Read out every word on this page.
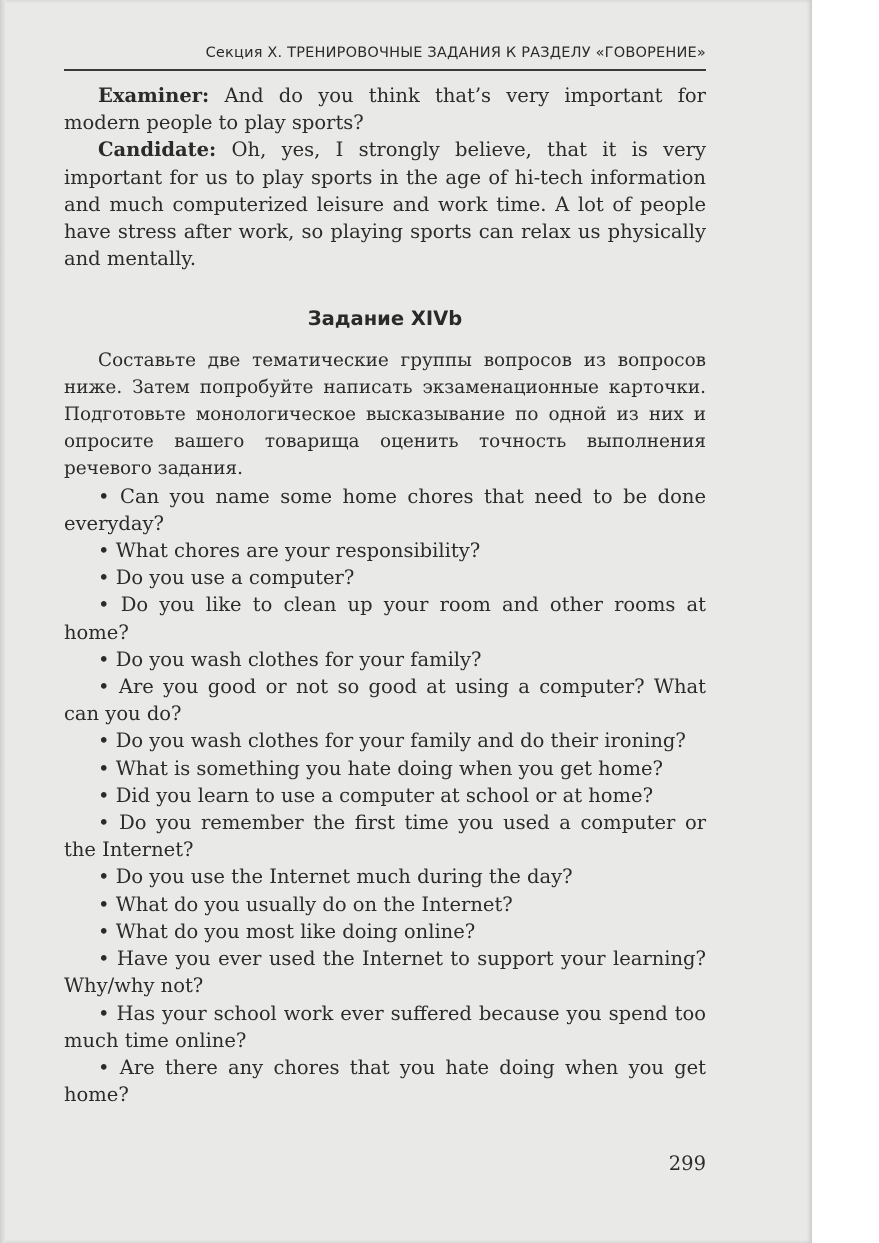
Секция X. ТРЕНИРОВОЧНЫЕ ЗАДАНИЯ К РАЗДЕЛУ «ГОВОРЕНИЕ»

Examiner: And do you think that’s very important for modern people to play sports?

Candidate: Oh, yes, I strongly believe, that it is very important for us to play sports in the age of hi-tech information and much computerized leisure and work time. A lot of people have stress after work, so playing sports can relax us physically and mentally.

Задание XIVb

Составьте две тематические группы вопросов из вопросов ниже. Затем попробуйте написать экзаменационные карточки. Подготовьте монологическое высказывание по одной из них и опросите вашего товарища оценить точность выполнения речевого задания.

• Can you name some home chores that need to be done everyday?

• What chores are your responsibility?

• Do you use a computer?

• Do you like to clean up your room and other rooms at home?

• Do you wash clothes for your family?

• Are you good or not so good at using a computer? What can you do?

• Do you wash clothes for your family and do their ironing?

• What is something you hate doing when you get home?

• Did you learn to use a computer at school or at home?

• Do you remember the first time you used a computer or the Internet?

• Do you use the Internet much during the day?

• What do you usually do on the Internet?

• What do you most like doing online?

• Have you ever used the Internet to support your learning? Why/why not?

• Has your school work ever suffered because you spend too much time online?

• Are there any chores that you hate doing when you get home?

299
